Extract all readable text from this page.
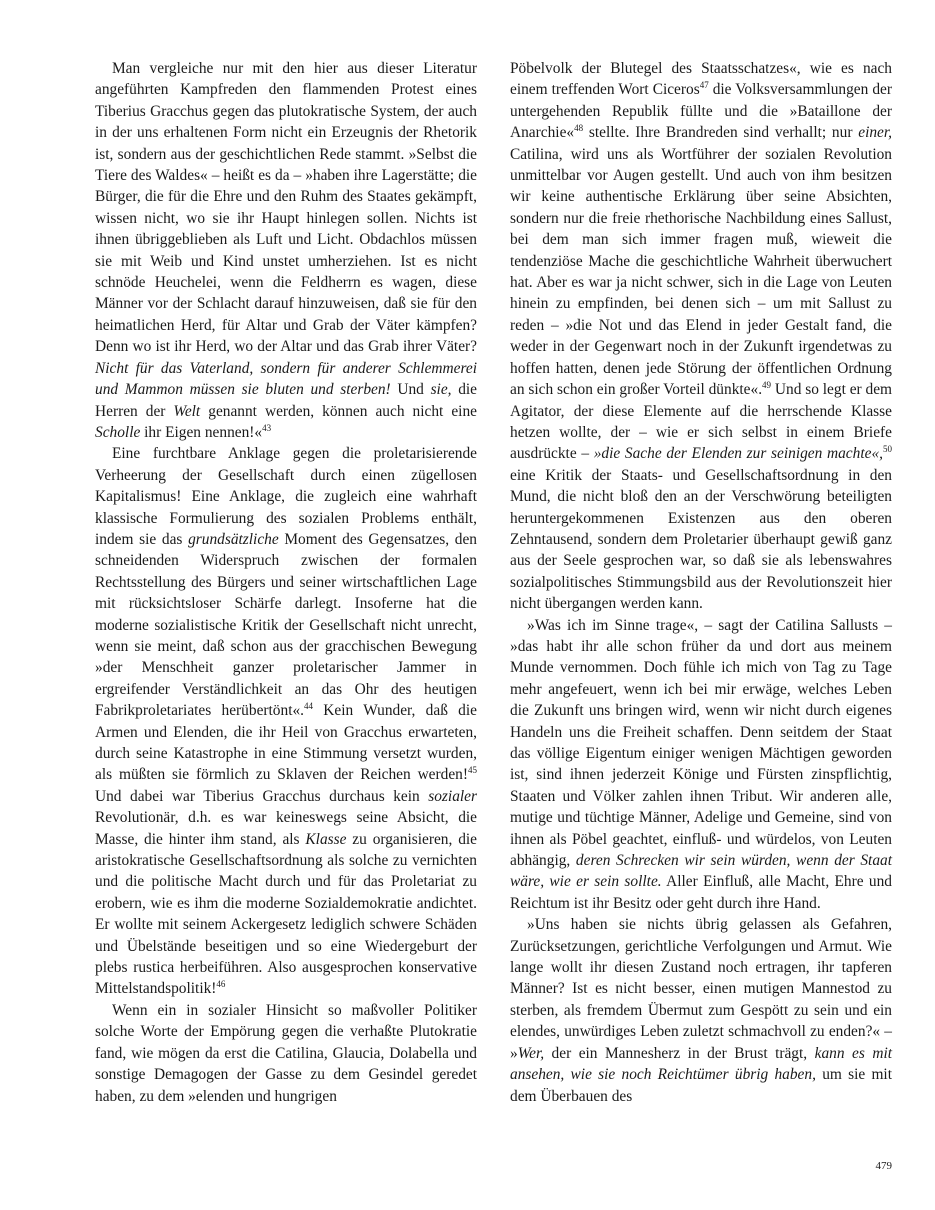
Man vergleiche nur mit den hier aus dieser Literatur angeführten Kampfreden den flammenden Protest eines Tiberius Gracchus gegen das plutokratische System, der auch in der uns erhaltenen Form nicht ein Erzeugnis der Rhetorik ist, sondern aus der geschichtlichen Rede stammt. »Selbst die Tiere des Waldes« – heißt es da – »haben ihre Lagerstätte; die Bürger, die für die Ehre und den Ruhm des Staates gekämpft, wissen nicht, wo sie ihr Haupt hinlegen sollen. Nichts ist ihnen übriggeblieben als Luft und Licht. Obdachlos müssen sie mit Weib und Kind unstet umherziehen. Ist es nicht schnöde Heuchelei, wenn die Feldherrn es wagen, diese Männer vor der Schlacht darauf hinzuweisen, daß sie für den heimatlichen Herd, für Altar und Grab der Väter kämpfen? Denn wo ist ihr Herd, wo der Altar und das Grab ihrer Väter? Nicht für das Vaterland, sondern für anderer Schlemmerei und Mammon müssen sie bluten und sterben! Und sie, die Herren der Welt genannt werden, können auch nicht eine Scholle ihr Eigen nennen!«$^{43}$

Eine furchtbare Anklage gegen die proletarisierende Verheerung der Gesellschaft durch einen zügellosen Kapitalismus! Eine Anklage, die zugleich eine wahrhaft klassische Formulierung des sozialen Problems enthält, indem sie das grundsätzliche Moment des Gegensatzes, den schneidenden Widerspruch zwischen der formalen Rechtsstellung des Bürgers und seiner wirtschaftlichen Lage mit rücksichtsloser Schärfe darlegt. Insoferne hat die moderne sozialistische Kritik der Gesellschaft nicht unrecht, wenn sie meint, daß schon aus der gracchischen Bewegung »der Menschheit ganzer proletarischer Jammer in ergreifender Verständlichkeit an das Ohr des heutigen Fabrikproletariates herübertönt«.$^{44}$ Kein Wunder, daß die Armen und Elenden, die ihr Heil von Gracchus erwarteten, durch seine Katastrophe in eine Stimmung versetzt wurden, als müßten sie förmlich zu Sklaven der Reichen werden!$^{45}$ Und dabei war Tiberius Gracchus durchaus kein sozialer Revolutionär, d.h. es war keineswegs seine Absicht, die Masse, die hinter ihm stand, als Klasse zu organisieren, die aristokratische Gesellschaftsordnung als solche zu vernichten und die politische Macht durch und für das Proletariat zu erobern, wie es ihm die moderne Sozialdemokratie andichtet. Er wollte mit seinem Ackergesetz lediglich schwere Schäden und Übelstände beseitigen und so eine Wiedergeburt der plebs rustica herbeiführen. Also ausgesprochen konservative Mittelstandspolitik!$^{46}$

Wenn ein in sozialer Hinsicht so maßvoller Politiker solche Worte der Empörung gegen die verhaßte Plutokratie fand, wie mögen da erst die Catilina, Glaucia, Dolabella und sonstige Demagogen der Gasse zu dem Gesindel geredet haben, zu dem »elenden und hungrigen

Pöbelvolk der Blutegel des Staatsschatzes«, wie es nach einem treffenden Wort Ciceros$^{47}$ die Volksversammlungen der untergehenden Republik füllte und die »Bataillone der Anarchie«$^{48}$ stellte. Ihre Brandreden sind verhallt; nur einer, Catilina, wird uns als Wortführer der sozialen Revolution unmittelbar vor Augen gestellt. Und auch von ihm besitzen wir keine authentische Erklärung über seine Absichten, sondern nur die freie rhethorische Nachbildung eines Sallust, bei dem man sich immer fragen muß, wieweit die tendenziöse Mache die geschichtliche Wahrheit überwuchert hat. Aber es war ja nicht schwer, sich in die Lage von Leuten hinein zu empfinden, bei denen sich – um mit Sallust zu reden – »die Not und das Elend in jeder Gestalt fand, die weder in der Gegenwart noch in der Zukunft irgendetwas zu hoffen hatten, denen jede Störung der öffentlichen Ordnung an sich schon ein großer Vorteil dünkte«.$^{49}$ Und so legt er dem Agitator, der diese Elemente auf die herrschende Klasse hetzen wollte, der – wie er sich selbst in einem Briefe ausdrückte – »die Sache der Elenden zur seinigen machte«,$^{50}$ eine Kritik der Staats- und Gesellschaftsordnung in den Mund, die nicht bloß den an der Verschwörung beteiligten heruntergekommenen Existenzen aus den oberen Zehntausend, sondern dem Proletarier überhaupt gewiß ganz aus der Seele gesprochen war, so daß sie als lebenswahres sozialpolitisches Stimmungsbild aus der Revolutionszeit hier nicht übergangen werden kann.

»Was ich im Sinne trage«, – sagt der Catilina Sallusts – »das habt ihr alle schon früher da und dort aus meinem Munde vernommen. Doch fühle ich mich von Tag zu Tage mehr angefeuert, wenn ich bei mir erwäge, welches Leben die Zukunft uns bringen wird, wenn wir nicht durch eigenes Handeln uns die Freiheit schaffen. Denn seitdem der Staat das völlige Eigentum einiger wenigen Mächtigen geworden ist, sind ihnen jederzeit Könige und Fürsten zinspflichtig, Staaten und Völker zahlen ihnen Tribut. Wir anderen alle, mutige und tüchtige Männer, Adelige und Gemeine, sind von ihnen als Pöbel geachtet, einfluß- und würdelos, von Leuten abhängig, deren Schrecken wir sein würden, wenn der Staat wäre, wie er sein sollte. Aller Einfluß, alle Macht, Ehre und Reichtum ist ihr Besitz oder geht durch ihre Hand.

»Uns haben sie nichts übrig gelassen als Gefahren, Zurücksetzungen, gerichtliche Verfolgungen und Armut. Wie lange wollt ihr diesen Zustand noch ertragen, ihr tapferen Männer? Ist es nicht besser, einen mutigen Mannestod zu sterben, als fremdem Übermut zum Gespött zu sein und ein elendes, unwürdiges Leben zuletzt schmachvoll zu enden?« – »Wer, der ein Mannesherz in der Brust trägt, kann es mit ansehen, wie sie noch Reichtümer übrig haben, um sie mit dem Überbauen des

479
